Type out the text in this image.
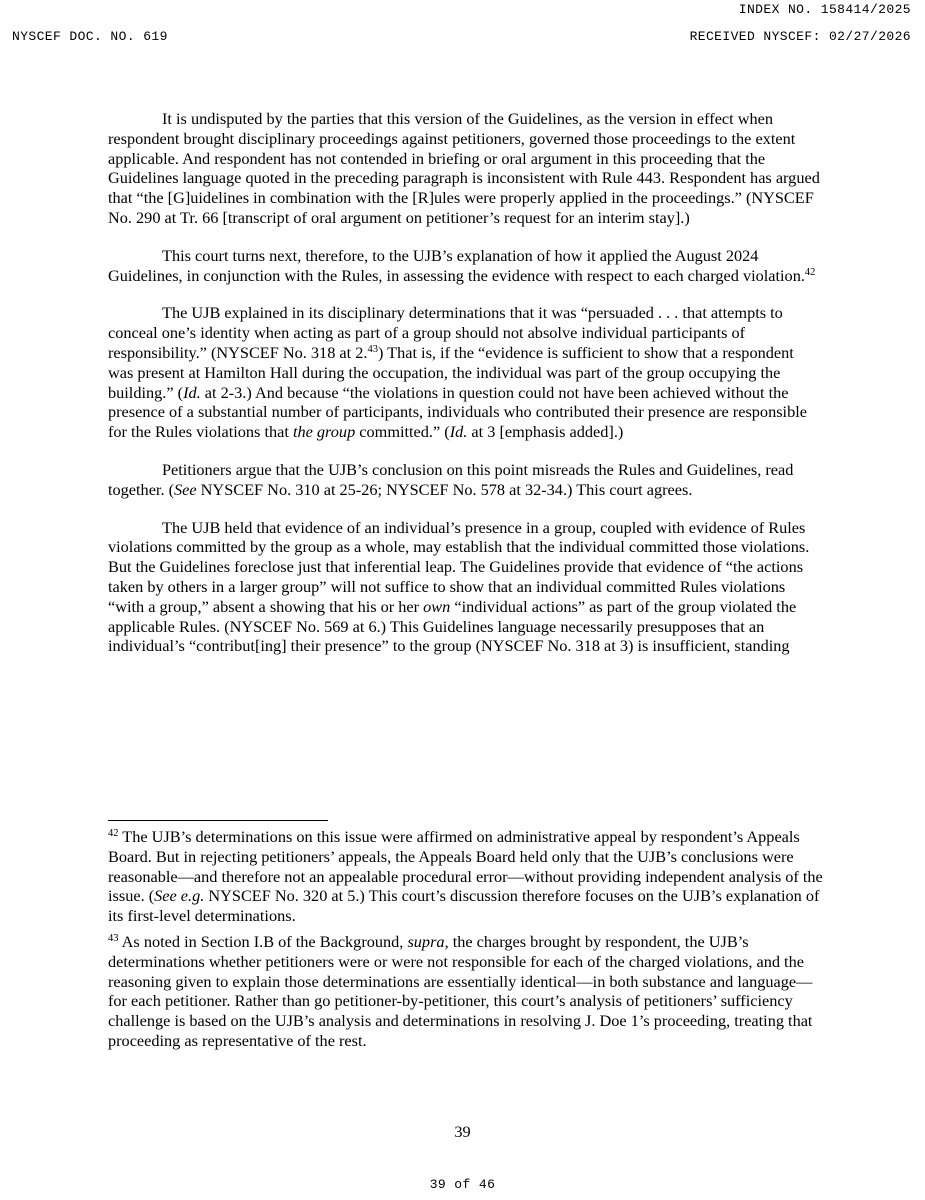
INDEX NO. 158414/2025
NYSCEF DOC. NO. 619	RECEIVED NYSCEF: 02/27/2026

It is undisputed by the parties that this version of the Guidelines, as the version in effect when respondent brought disciplinary proceedings against petitioners, governed those proceedings to the extent applicable. And respondent has not contended in briefing or oral argument in this proceeding that the Guidelines language quoted in the preceding paragraph is inconsistent with Rule 443. Respondent has argued that “the [G]uidelines in combination with the [R]ules were properly applied in the proceedings.” (NYSCEF No. 290 at Tr. 66 [transcript of oral argument on petitioner’s request for an interim stay].)

This court turns next, therefore, to the UJB’s explanation of how it applied the August 2024 Guidelines, in conjunction with the Rules, in assessing the evidence with respect to each charged violation.$^{42}$

The UJB explained in its disciplinary determinations that it was “persuaded . . . that attempts to conceal one’s identity when acting as part of a group should not absolve individual participants of responsibility.” (NYSCEF No. 318 at 2.43) That is, if the “evidence is sufficient to show that a respondent was present at Hamilton Hall during the occupation, the individual was part of the group occupying the building.” (Id. at 2-3.) And because “the violations in question could not have been achieved without the presence of a substantial number of participants, individuals who contributed their presence are responsible for the Rules violations that the group committed.” (Id. at 3 [emphasis added].)

Petitioners argue that the UJB’s conclusion on this point misreads the Rules and Guidelines, read together. (See NYSCEF No. 310 at 25-26; NYSCEF No. 578 at 32-34.) This court agrees.

The UJB held that evidence of an individual’s presence in a group, coupled with evidence of Rules violations committed by the group as a whole, may establish that the individual committed those violations. But the Guidelines foreclose just that inferential leap. The Guidelines provide that evidence of “the actions taken by others in a larger group” will not suffice to show that an individual committed Rules violations “with a group,” absent a showing that his or her own “individual actions” as part of the group violated the applicable Rules. (NYSCEF No. 569 at 6.) This Guidelines language necessarily presupposes that an individual’s “contribut[ing] their presence” to the group (NYSCEF No. 318 at 3) is insufficient, standing

$^{42}$ The UJB’s determinations on this issue were affirmed on administrative appeal by respondent’s Appeals Board. But in rejecting petitioners’ appeals, the Appeals Board held only that the UJB’s conclusions were reasonable—and therefore not an appealable procedural error—without providing independent analysis of the issue. (See e.g. NYSCEF No. 320 at 5.) This court’s discussion therefore focuses on the UJB’s explanation of its first-level determinations.

$^{43}$ As noted in Section I.B of the Background, supra, the charges brought by respondent, the UJB’s determinations whether petitioners were or were not responsible for each of the charged violations, and the reasoning given to explain those determinations are essentially identical—in both substance and language—for each petitioner. Rather than go petitioner-by-petitioner, this court’s analysis of petitioners’ sufficiency challenge is based on the UJB’s analysis and determinations in resolving J. Doe 1’s proceeding, treating that proceeding as representative of the rest.

39
39 of 46
